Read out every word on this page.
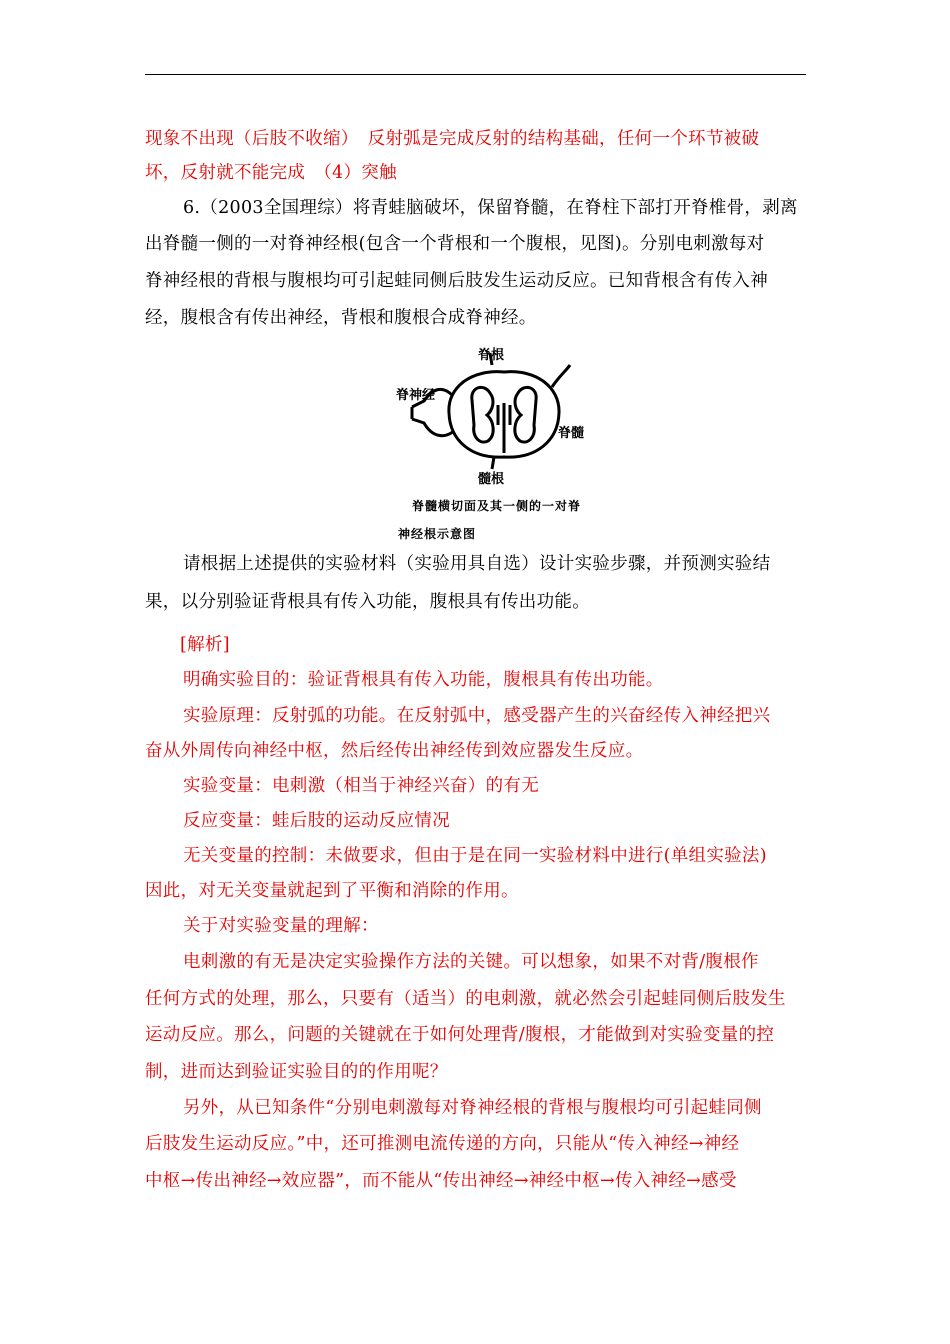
现象不出现（后肢不收缩）　反射弧是完成反射的结构基础，任何一个环节被破
坏，反射就不能完成　（4）突触
6.（2003全国理综）将青蛙脑破坏，保留脊髓，在脊柱下部打开脊椎骨，剥离
出脊髓一侧的一对脊神经根(包含一个背根和一个腹根，见图)。分别电刺激每对
脊神经根的背根与腹根均可引起蛙同侧后肢发生运动反应。已知背根含有传入神
经，腹根含有传出神经，背根和腹根合成脊神经。
脊根
脊神经
脊髓
髓根
脊髓横切面及其一侧的一对脊
神经根示意图
请根据上述提供的实验材料（实验用具自选）设计实验步骤，并预测实验结
果，以分别验证背根具有传入功能，腹根具有传出功能。
[解析]
明确实验目的：验证背根具有传入功能，腹根具有传出功能。
实验原理：反射弧的功能。在反射弧中，感受器产生的兴奋经传入神经把兴
奋从外周传向神经中枢，然后经传出神经传到效应器发生反应。
实验变量：电刺激（相当于神经兴奋）的有无
反应变量：蛙后肢的运动反应情况
无关变量的控制：未做要求，但由于是在同一实验材料中进行(单组实验法)
因此，对无关变量就起到了平衡和消除的作用。
关于对实验变量的理解：
电刺激的有无是决定实验操作方法的关键。可以想象，如果不对背/腹根作
任何方式的处理，那么，只要有（适当）的电刺激，就必然会引起蛙同侧后肢发生
运动反应。那么，问题的关键就在于如何处理背/腹根，才能做到对实验变量的控
制，进而达到验证实验目的的作用呢？
另外，从已知条件“分别电刺激每对脊神经根的背根与腹根均可引起蛙同侧
后肢发生运动反应。”中，还可推测电流传递的方向，只能从“传入神经→神经
中枢→传出神经→效应器”，而不能从“传出神经→神经中枢→传入神经→感受
